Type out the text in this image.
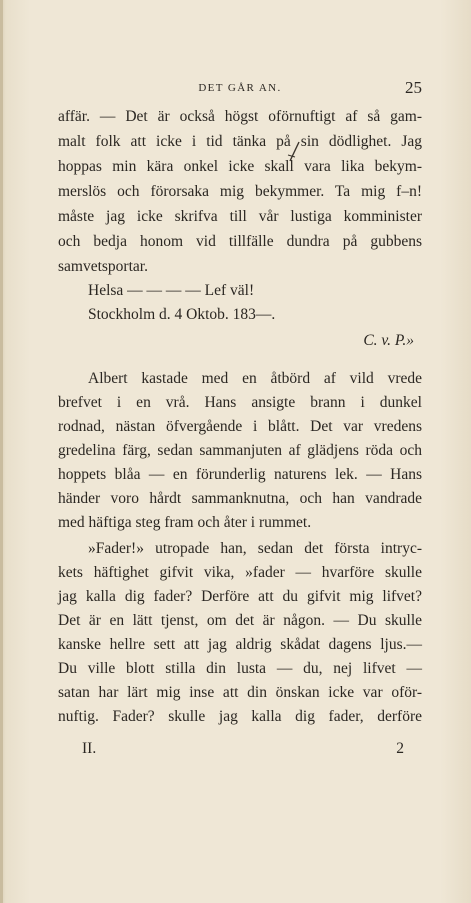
DET GÅR AN.	25
affär. — Det är också högst oförnuftigt af så gam-
malt folk att icke i tid tänka på sin dödlighet. Jag
hoppas min kära onkel icke skall vara lika bekym-
merslös och förorsaka mig bekymmer. Ta mig f–n!
måste jag icke skrifva till vår lustiga komminister
och bedja honom vid tillfälle dundra på gubbens
samvetsportar.
Helsa — — — — Lef väl!
Stockholm d. 4 Oktob. 183—.
C. v. P.»
Albert kastade med en åtbörd af vild vrede
brefvet i en vrå. Hans ansigte brann i dunkel
rodnad, nästan öfvergående i blått. Det var vredens
gredelina färg, sedan sammanjuten af glädjens röda och
hoppets blåa — en förunderlig naturens lek. — Hans
händer voro hårdt sammanknutna, och han vandrade
med häftiga steg fram och åter i rummet.
»Fader!» utropade han, sedan det första intryc-
kets häftighet gifvit vika, »fader — hvarföre skulle
jag kalla dig fader? Derföre att du gifvit mig lifvet?
Det är en lätt tjenst, om det är någon. — Du skulle
kanske hellre sett att jag aldrig skådat dagens ljus.—
Du ville blott stilla din lusta — du, nej lifvet —
satan har lärt mig inse att din önskan icke var oför-
nuftig. Fader? skulle jag kalla dig fader, derföre
II.	2
